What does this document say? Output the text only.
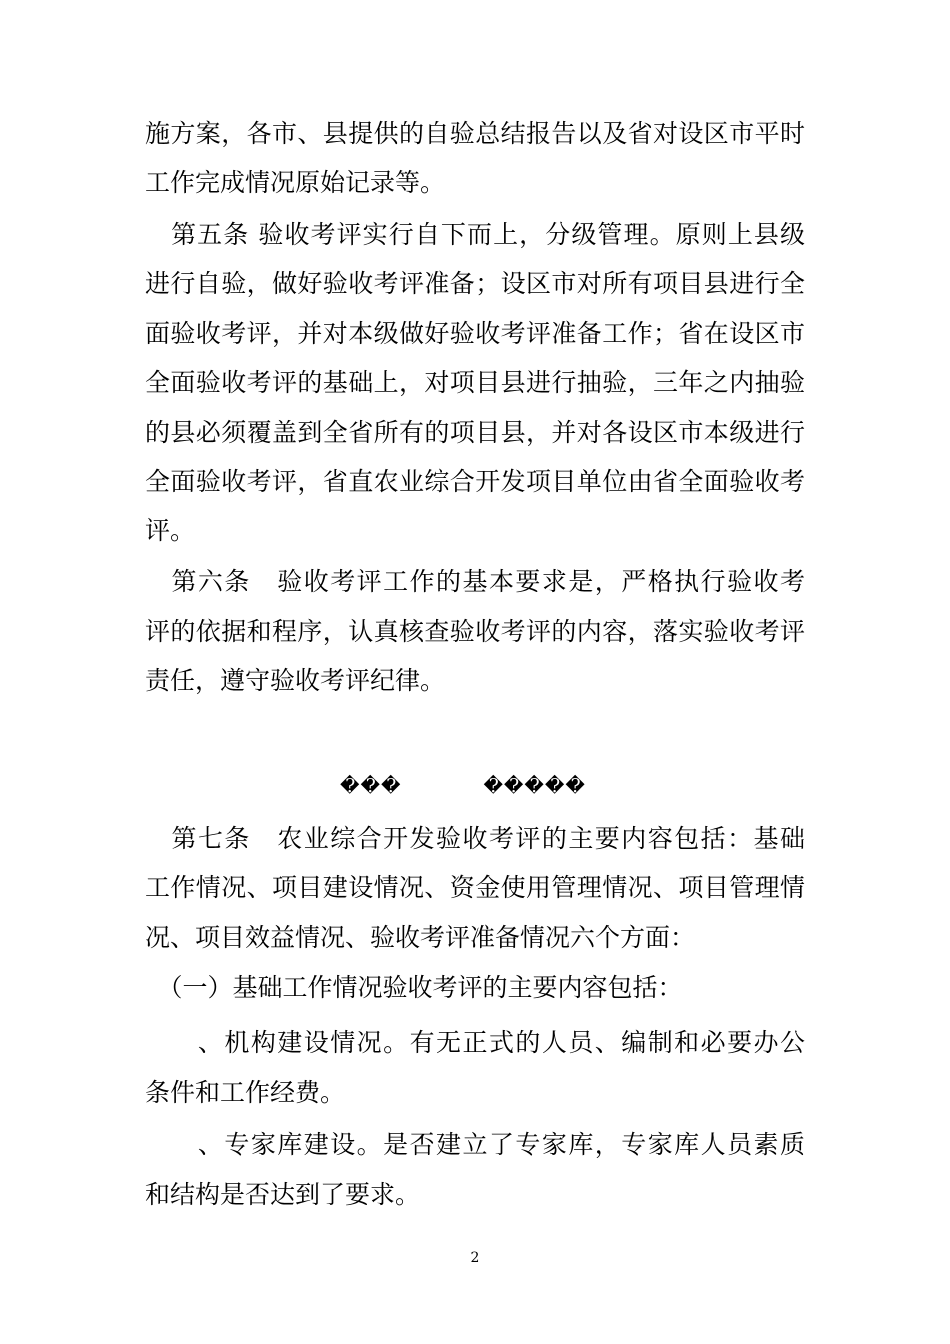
施方案，各市、县提供的自验总结报告以及省对设区市平时
工作完成情况原始记录等。
　第五条 验收考评实行自下而上，分级管理。原则上县级
进行自验，做好验收考评准备；设区市对所有项目县进行全
面验收考评，并对本级做好验收考评准备工作；省在设区市
全面验收考评的基础上，对项目县进行抽验，三年之内抽验
的县必须覆盖到全省所有的项目县，并对各设区市本级进行
全面验收考评，省直农业综合开发项目单位由省全面验收考
评。
　第六条　验收考评工作的基本要求是，严格执行验收考
评的依据和程序，认真核查验收考评的内容，落实验收考评
责任，遵守验收考评纪律。
���	�����
　第七条　农业综合开发验收考评的主要内容包括：基础
工作情况、项目建设情况、资金使用管理情况、项目管理情
况、项目效益情况、验收考评准备情况六个方面：
　（一）基础工作情况验收考评的主要内容包括：
　　、机构建设情况。有无正式的人员、编制和必要办公
条件和工作经费。
　　、专家库建设。是否建立了专家库，专家库人员素质
和结构是否达到了要求。
2
